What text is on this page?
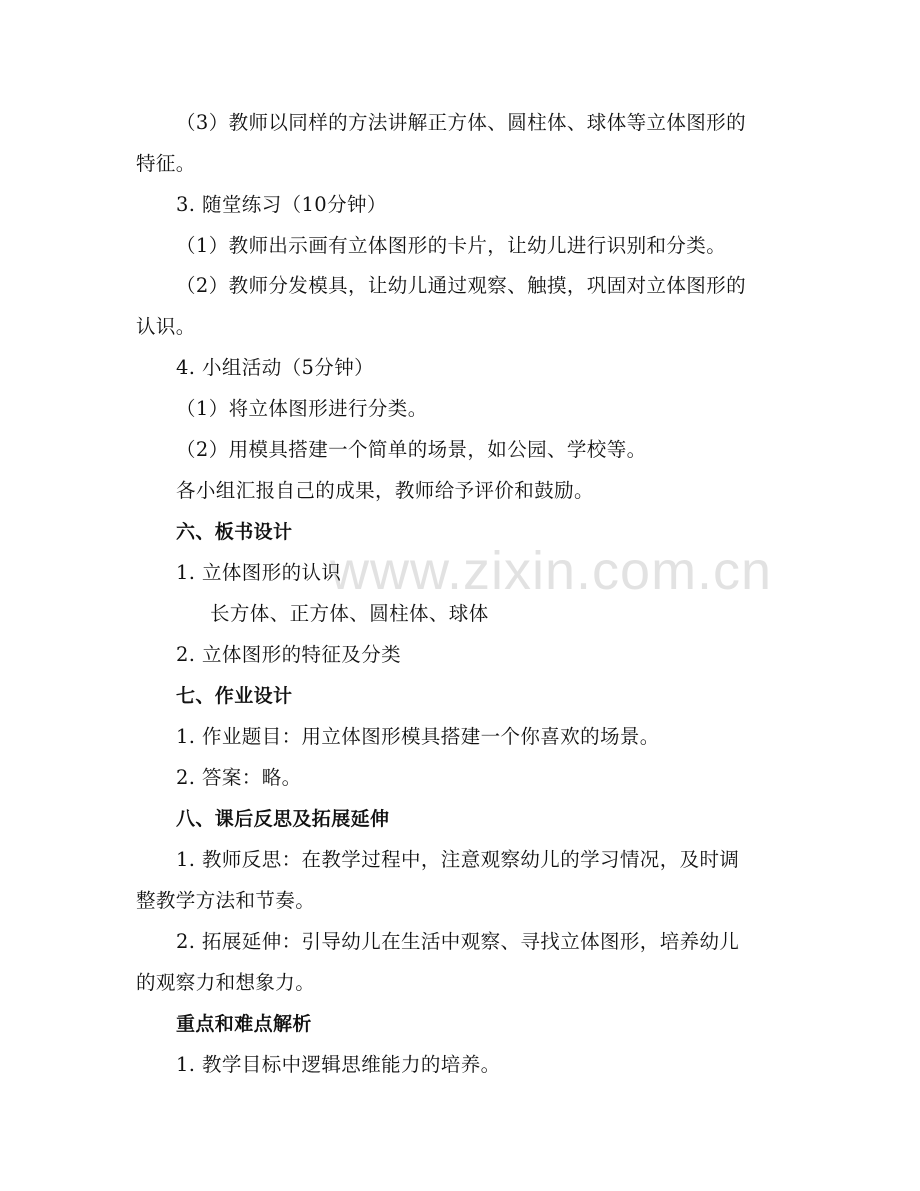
www.zixin.com.cn
（3）教师以同样的方法讲解正方体、圆柱体、球体等立体图形的
特征。
3. 随堂练习（10分钟）
（1）教师出示画有立体图形的卡片，让幼儿进行识别和分类。
（2）教师分发模具，让幼儿通过观察、触摸，巩固对立体图形的
认识。
4. 小组活动（5分钟）
（1）将立体图形进行分类。
（2）用模具搭建一个简单的场景，如公园、学校等。
各小组汇报自己的成果，教师给予评价和鼓励。
六、板书设计
1. 立体图形的认识
长方体、正方体、圆柱体、球体
2. 立体图形的特征及分类
七、作业设计
1. 作业题目：用立体图形模具搭建一个你喜欢的场景。
2. 答案：略。
八、课后反思及拓展延伸
1. 教师反思：在教学过程中，注意观察幼儿的学习情况，及时调
整教学方法和节奏。
2. 拓展延伸：引导幼儿在生活中观察、寻找立体图形，培养幼儿
的观察力和想象力。
重点和难点解析
1. 教学目标中逻辑思维能力的培养。
